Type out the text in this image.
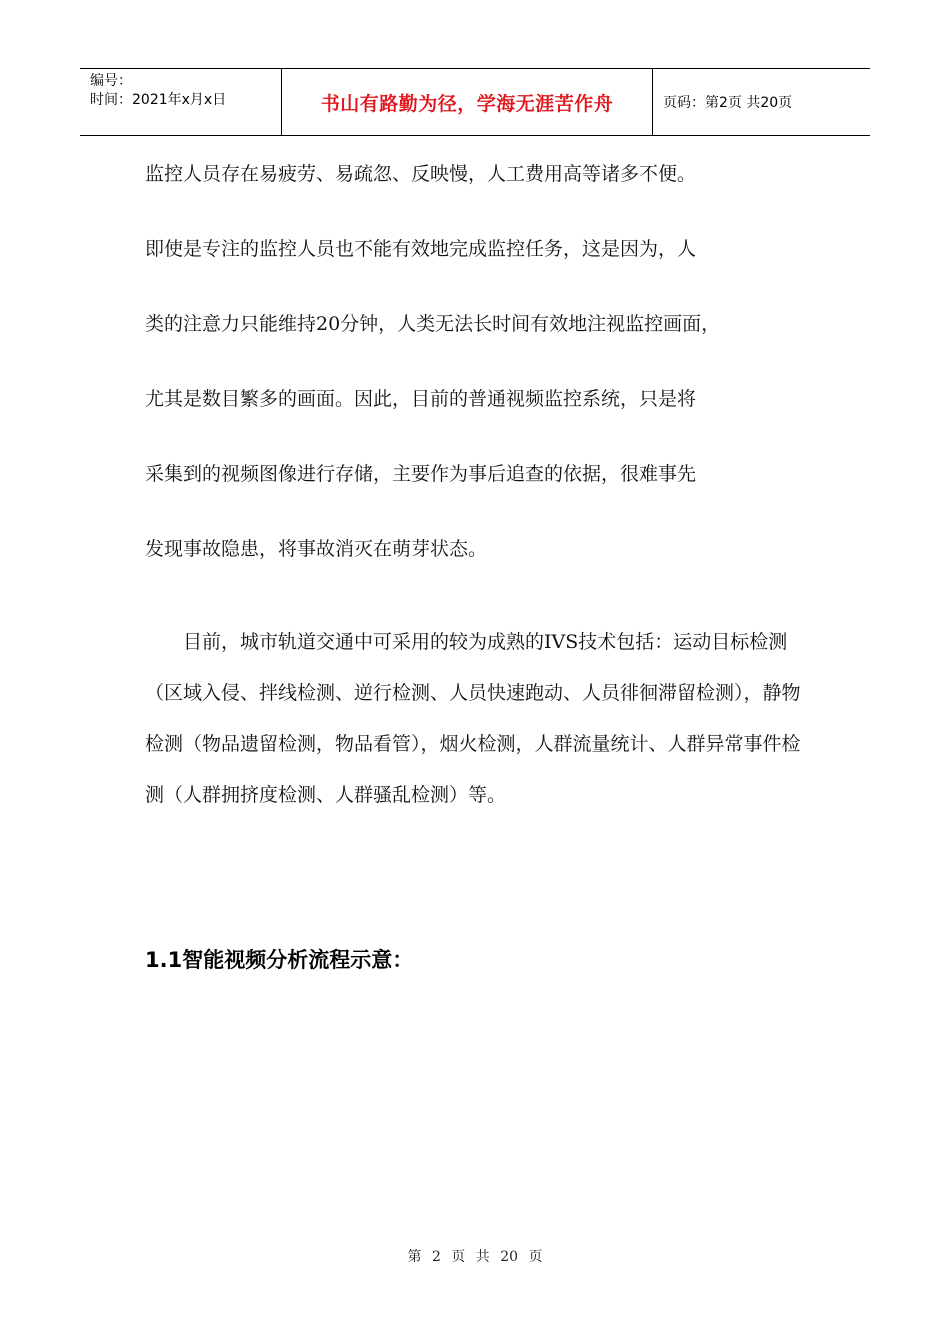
编号：
时间：2021年x月x日	书山有路勤为径，学海无涯苦作舟	页码：第2页 共20页

监控人员存在易疲劳、易疏忽、反映慢，人工费用高等诸多不便。

即使是专注的监控人员也不能有效地完成监控任务，这是因为，人

类的注意力只能维持20分钟，人类无法长时间有效地注视监控画面，

尤其是数目繁多的画面。因此，目前的普通视频监控系统，只是将

采集到的视频图像进行存储，主要作为事后追查的依据，很难事先

发现事故隐患，将事故消灭在萌芽状态。

目前，城市轨道交通中可采用的较为成熟的IVS技术包括：运动目标检测（区域入侵、拌线检测、逆行检测、人员快速跑动、人员徘徊滞留检测），静物检测（物品遗留检测，物品看管），烟火检测，人群流量统计、人群异常事件检测（人群拥挤度检测、人群骚乱检测）等。

1.1智能视频分析流程示意：
第 2 页 共 20 页
